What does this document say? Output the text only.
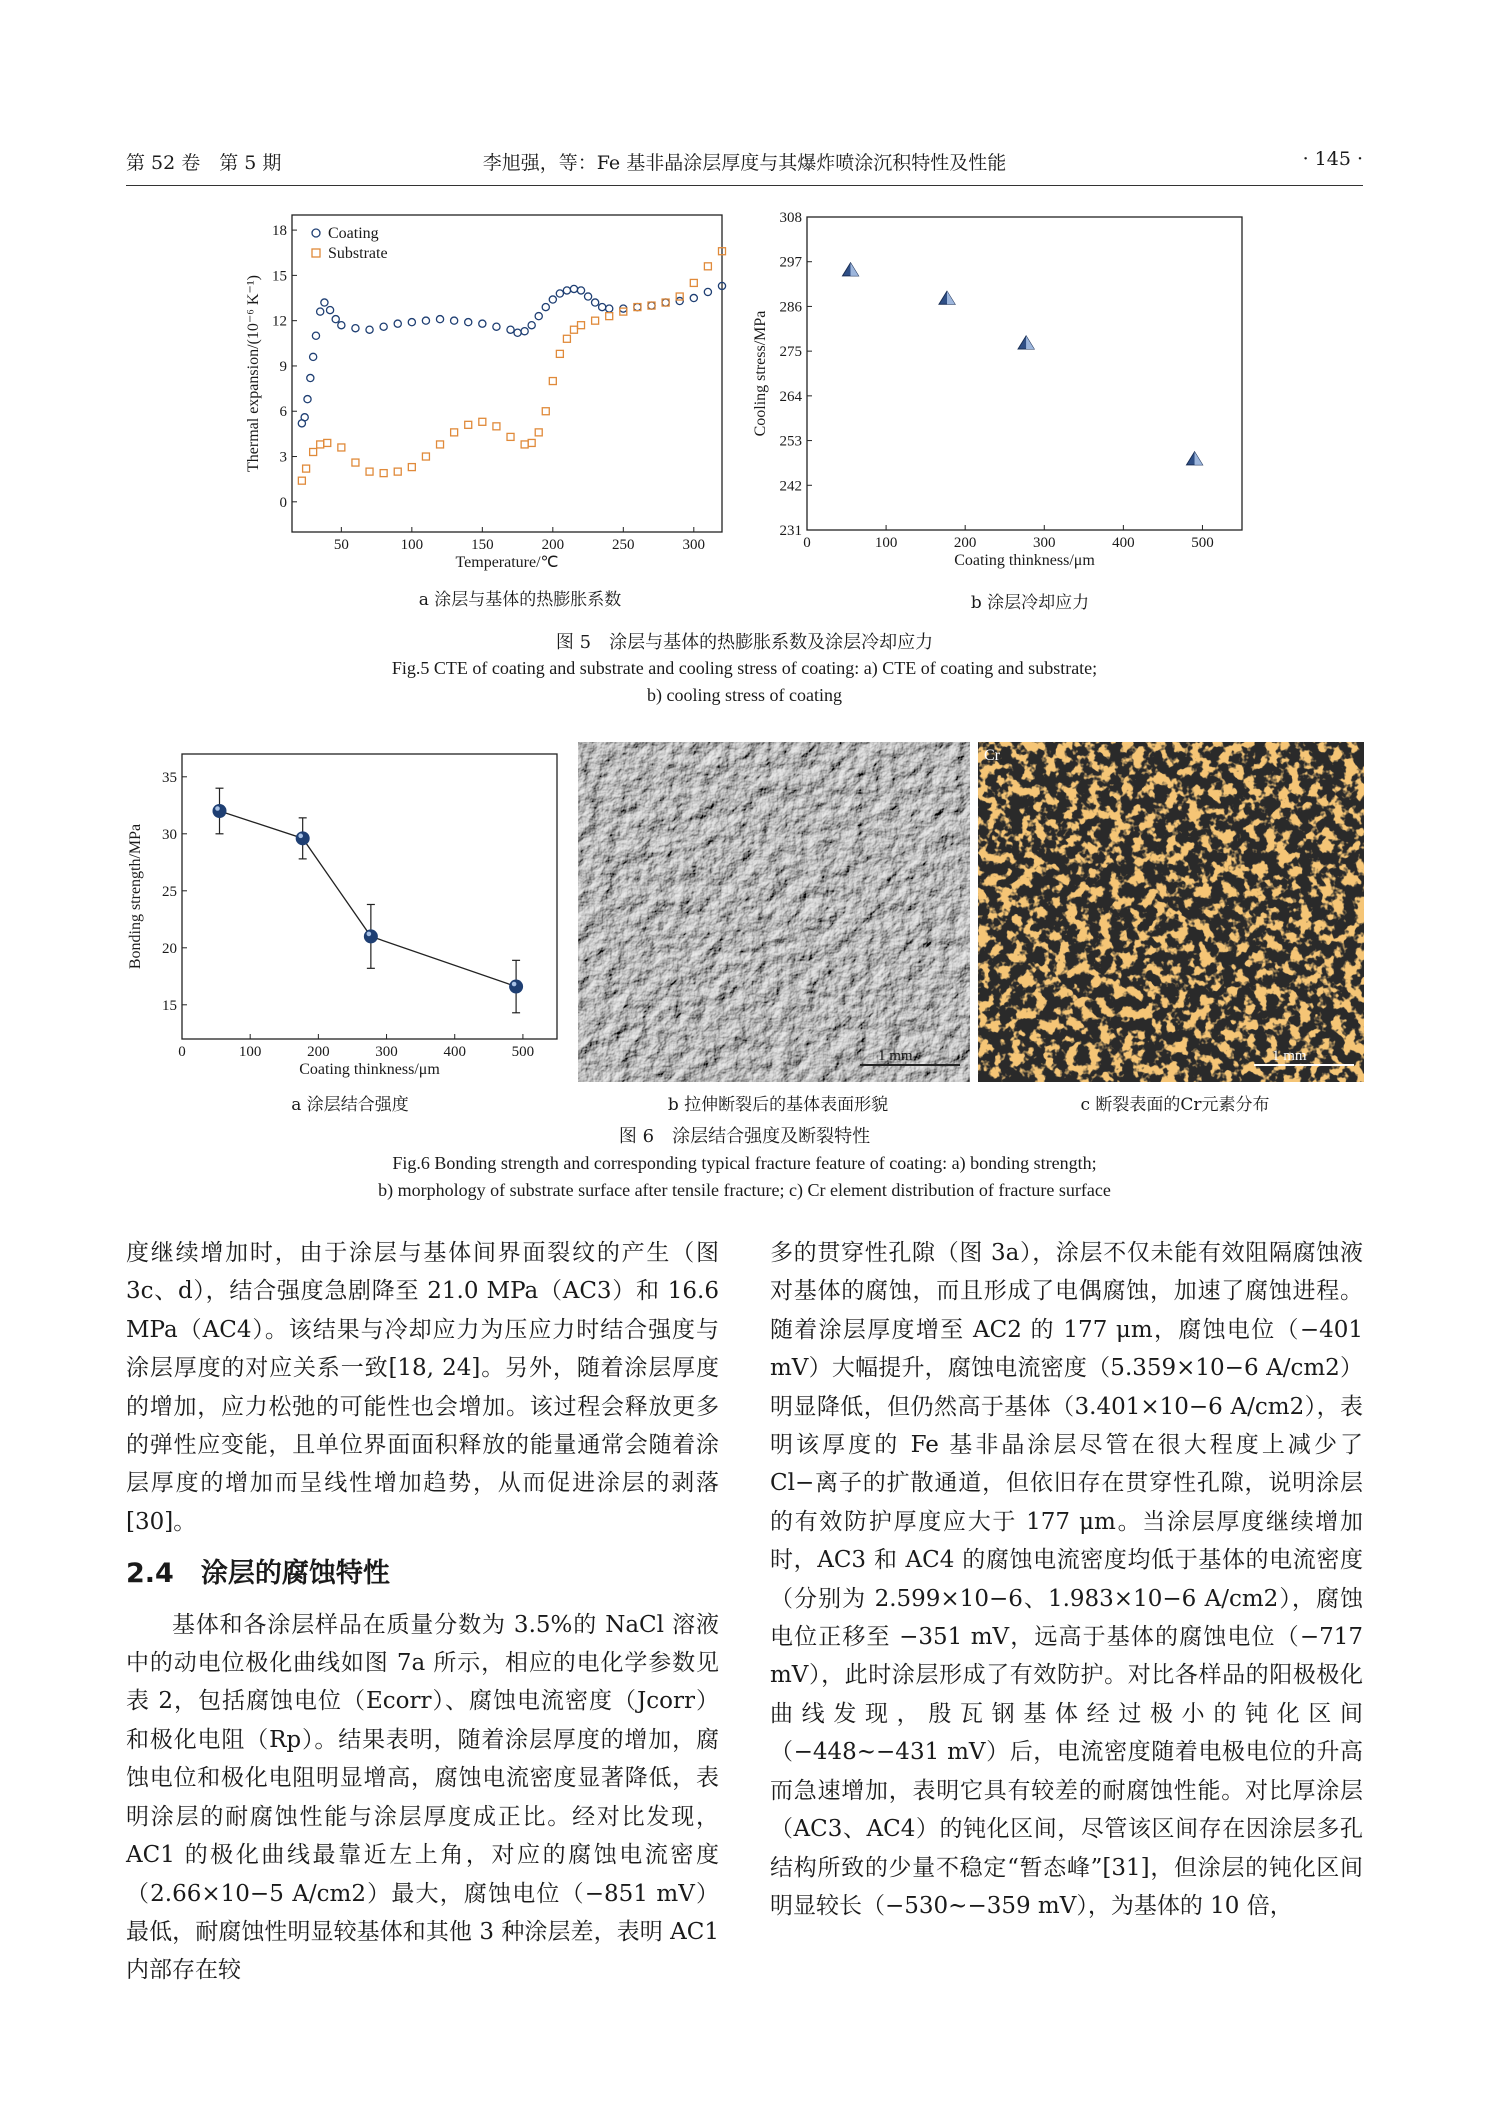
第 52 卷　第 5 期	李旭强，等：Fe 基非晶涂层厚度与其爆炸喷涂沉积特性及性能	· 145 ·
50	100	150	200	250	300
0
3
6
9
12
15
18
Temperature/℃
Thermal expansion/(10⁻⁶ K⁻¹)
Coating
Substrate
a 涂层与基体的热膨胀系数
0	100	200	300	400	500
231
242
253
264
275
286
297
308
Coating thinkness/μm
Cooling stress/MPa
b 涂层冷却应力
图 5　涂层与基体的热膨胀系数及涂层冷却应力
Fig.5 CTE of coating and substrate and cooling stress of coating: a) CTE of coating and substrate;
b) cooling stress of coating
0	100	200	300	400	500
15
20
25
30
35
Coating thinkness/μm
Bonding strength/MPa
a 涂层结合强度
1 mm
b 拉伸断裂后的基体表面形貌
Cr
1 mm
c 断裂表面的Cr元素分布
图 6　涂层结合强度及断裂特性
Fig.6 Bonding strength and corresponding typical fracture feature of coating: a) bonding strength;
b) morphology of substrate surface after tensile fracture; c) Cr element distribution of fracture surface

度继续增加时，由于涂层与基体间界面裂纹的产生（图 3c、d），结合强度急剧降至 21.0 MPa（AC3）和 16.6 MPa（AC4）。该结果与冷却应力为压应力时结合强度与涂层厚度的对应关系一致[18, 24]。另外，随着涂层厚度的增加，应力松弛的可能性也会增加。该过程会释放更多的弹性应变能，且单位界面面积释放的能量通常会随着涂层厚度的增加而呈线性增加趋势，从而促进涂层的剥落[30]。

2.4　涂层的腐蚀特性

基体和各涂层样品在质量分数为 3.5%的 NaCl 溶液中的动电位极化曲线如图 7a 所示，相应的电化学参数见表 2，包括腐蚀电位（Ecorr）、腐蚀电流密度（Jcorr）和极化电阻（Rp）。结果表明，随着涂层厚度的增加，腐蚀电位和极化电阻明显增高，腐蚀电流密度显著降低，表明涂层的耐腐蚀性能与涂层厚度成正比。经对比发现，AC1 的极化曲线最靠近左上角，对应的腐蚀电流密度（2.66×10−5 A/cm2）最大，腐蚀电位（−851 mV）最低，耐腐蚀性明显较基体和其他 3 种涂层差，表明 AC1 内部存在较

多的贯穿性孔隙（图 3a），涂层不仅未能有效阻隔腐蚀液对基体的腐蚀，而且形成了电偶腐蚀，加速了腐蚀进程。随着涂层厚度增至 AC2 的 177 μm，腐蚀电位（−401 mV）大幅提升，腐蚀电流密度（5.359×10−6 A/cm2）明显降低，但仍然高于基体（3.401×10−6 A/cm2），表明该厚度的 Fe 基非晶涂层尽管在很大程度上减少了 Cl−离子的扩散通道，但依旧存在贯穿性孔隙，说明涂层的有效防护厚度应大于 177 μm。当涂层厚度继续增加时，AC3 和 AC4 的腐蚀电流密度均低于基体的电流密度（分别为 2.599×10−6、1.983×10−6 A/cm2），腐蚀电位正移至 −351 mV，远高于基体的腐蚀电位（−717 mV），此时涂层形成了有效防护。对比各样品的阳极极化曲线发现，殷瓦钢基体经过极小的钝化区间（−448~−431 mV）后，电流密度随着电极电位的升高而急速增加，表明它具有较差的耐腐蚀性能。对比厚涂层（AC3、AC4）的钝化区间，尽管该区间存在因涂层多孔结构所致的少量不稳定“暂态峰”[31]，但涂层的钝化区间明显较长（−530~−359 mV），为基体的 10 倍，
